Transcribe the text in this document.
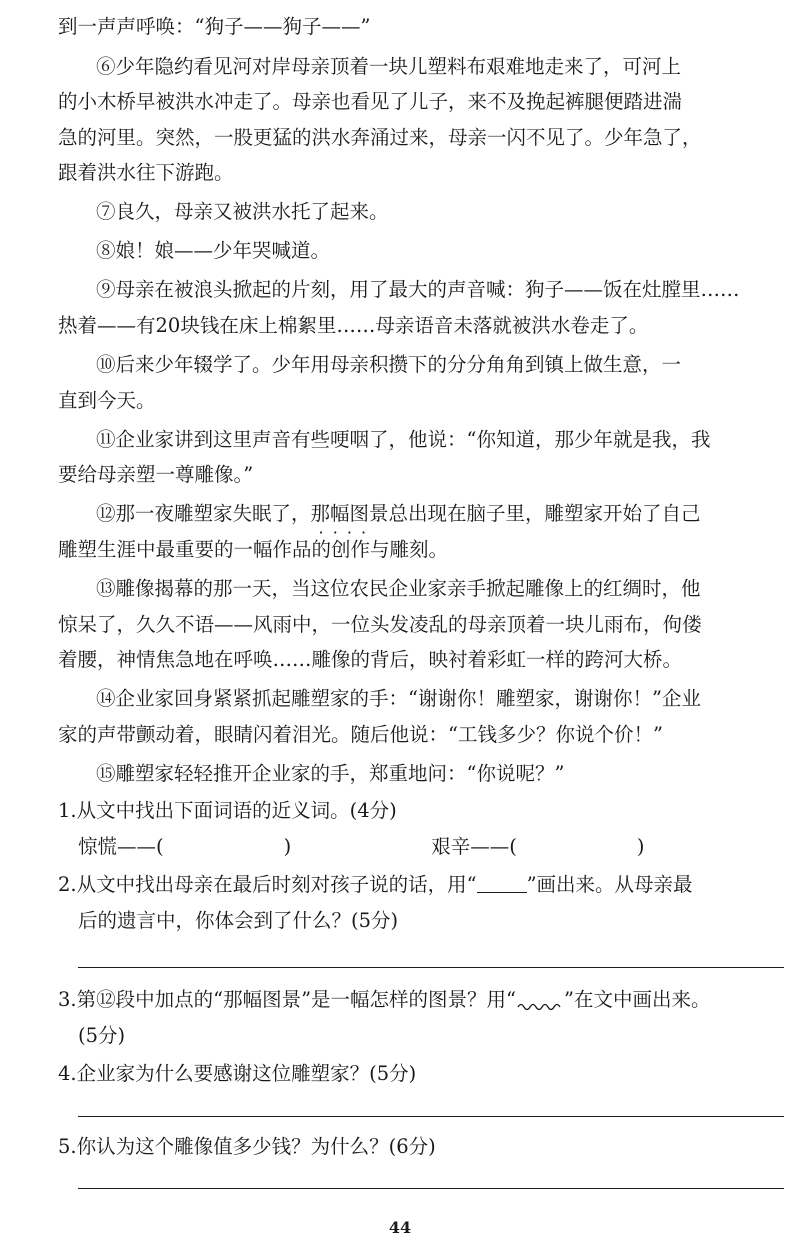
到一声声呼唤：“狗子——狗子——”
⑥少年隐约看见河对岸母亲顶着一块儿塑料布艰难地走来了，可河上
的小木桥早被洪水冲走了。母亲也看见了儿子，来不及挽起裤腿便踏进湍
急的河里。突然，一股更猛的洪水奔涌过来，母亲一闪不见了。少年急了，
跟着洪水往下游跑。
⑦良久，母亲又被洪水托了起来。
⑧娘！娘——少年哭喊道。
⑨母亲在被浪头掀起的片刻，用了最大的声音喊：狗子——饭在灶膛里……
热着——有20块钱在床上棉絮里……母亲语音未落就被洪水卷走了。
⑩后来少年辍学了。少年用母亲积攒下的分分角角到镇上做生意，一
直到今天。
⑪企业家讲到这里声音有些哽咽了，他说：“你知道，那少年就是我，我
要给母亲塑一尊雕像。”
⑫那一夜雕塑家失眠了，那幅图景 · · · ·总出现在脑子里，雕塑家开始了自己
雕塑生涯中最重要的一幅作品的创作与雕刻。
⑬雕像揭幕的那一天，当这位农民企业家亲手掀起雕像上的红绸时，他
惊呆了，久久不语——风雨中，一位头发凌乱的母亲顶着一块儿雨布，佝偻
着腰，神情焦急地在呼唤……雕像的背后，映衬着彩虹一样的跨河大桥。
⑭企业家回身紧紧抓起雕塑家的手：“谢谢你！雕塑家，谢谢你！”企业
家的声带颤动着，眼睛闪着泪光。随后他说：“工钱多少？你说个价！”
⑮雕塑家轻轻推开企业家的手，郑重地问：“你说呢？”
1.从文中找出下面词语的近义词。(4分)
惊慌——(	)	艰辛——(	)
2.从文中找出母亲在最后时刻对孩子说的话，用“	”画出来。从母亲最
后的遗言中，你体会到了什么？(5分)
3.第⑫段中加点的“那幅图景”是一幅怎样的图景？用“ ”在文中画出来。
(5分)
4.企业家为什么要感谢这位雕塑家？(5分)
5.你认为这个雕像值多少钱？为什么？(6分)
44
